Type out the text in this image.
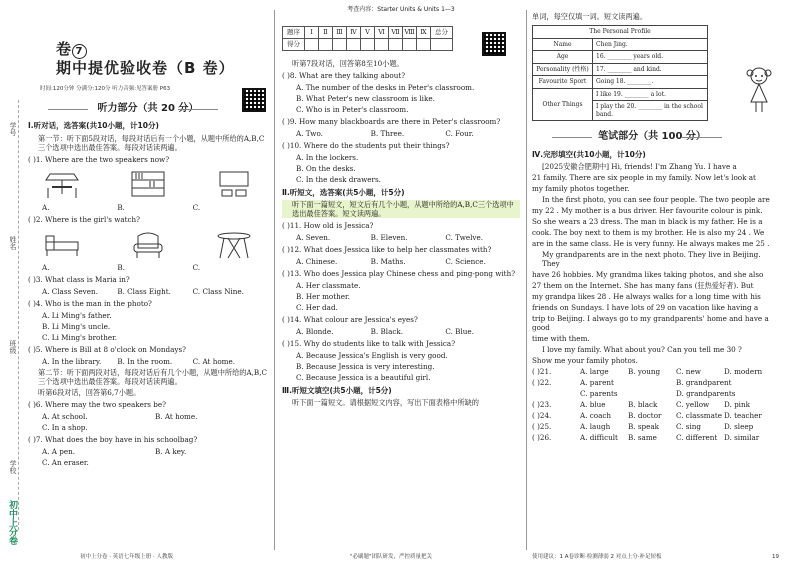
学号
姓名
班级
学校
初中上分卷
卷 7 期中提优验收卷（B 卷）
时间:120分钟 分满分:120分 听力音频:见答案册 P63
听力部分（共 20 分）
Ⅰ.听对话，选答案(共10小题，计10分)
第一节：听下面5段对话，每段对话后有一个小题，从题中所给的A,B,C三个选项中选出最佳答案。每段对话读两遍。
( )1. Where are the two speakers now?
A.	B.	C.
( )2. Where is the girl's watch?
A.	B.	C.
( )3. What class is Maria in?
A. Class Seven.	B. Class Eight.	C. Class Nine.
( )4. Who is the man in the photo?
A. Li Ming's father.
B. Li Ming's uncle.
C. Li Ming's brother.
( )5. Where is Bill at 8 o'clock on Mondays?
A. In the library.	B. In the room.	C. At home.
第二节：听下面两段对话，每段对话后有几个小题，从题中所给的A,B,C三个选项中选出最佳答案。每段对话读两遍。
听第6段对话，回答第6,7小题。
( )6. Where may the two speakers be?
A. At school.	B. At home.
C. In a shop.
( )7. What does the boy have in his schoolbag?
A. A pen.	B. A key.
C. An eraser.
初中上分卷 · 英语七年级上册 · 人教版
考查内容：Starter Units & Units 1—3
题序	Ⅰ	Ⅱ	Ⅲ	Ⅳ	Ⅴ	Ⅵ	Ⅶ	Ⅷ	Ⅸ	总分
得分										
听第7段对话，回答第8至10小题。
( )8. What are they talking about?
A. The number of the desks in Peter's classroom.
B. What Peter's new classroom is like.
C. Who is in Peter's classroom.
( )9. How many blackboards are there in Peter's classroom?
A. Two.	B. Three.	C. Four.
( )10. Where do the students put their things?
A. In the lockers.
B. On the desks.
C. In the desk drawers.
Ⅱ.听短文，选答案(共5小题，计5分)
听下面一篇短文，短文后有几个小题，从题中所给的A,B,C三个选项中选出最佳答案。短文读两遍。
( )11. How old is Jessica?
A. Seven.	B. Eleven.	C. Twelve.
( )12. What does Jessica like to help her classmates with?
A. Chinese.	B. Maths.	C. Science.
( )13. Who does Jessica play Chinese chess and ping-pong with?
A. Her classmate.
B. Her mother.
C. Her dad.
( )14. What colour are Jessica's eyes?
A. Blonde.	B. Black.	C. Blue.
( )15. Why do students like to talk with Jessica?
A. Because Jessica's English is very good.
B. Because Jessica is very interesting.
C. Because Jessica is a beautiful girl.
Ⅲ.听短文填空(共5小题，计5分)
听下面一篇短文。请根据短文内容，写出下面表格中所缺的
"必刷题"团队研发，严控质量把关
单词，每空仅填一词。短文读两遍。
The Personal Profile	
Name	Chen Jing.
Age	16. ________ years old.
Personality (性格)	17. ________ and kind.
Favourite Sport	Going 18. ________.
Other Things	I like 19. ________ a lot.
	I play the 20. ________ in the school band.
笔试部分（共 100 分）
Ⅳ.完形填空(共10小题，计10分)
[2025安徽合肥期中] Hi, friends! I'm Zhang Yu. I have a
21 family. There are six people in my family. Now let's look at
my family photos together.
In the first photo, you can see four people. The two people are
my 22 . My mother is a bus driver. Her favourite colour is pink.
So she wears a 23 dress. The man in black is my father. He is a
cook. The boy next to them is my brother. He is also my 24 . We
are in the same class. He is very funny. He always makes me 25 .
My grandparents are in the next photo. They live in Beijing. They
have 26 hobbies. My grandma likes taking photos, and she also
27 them on the Internet. She has many fans (狂热爱好者). But
my grandpa likes 28 . He always walks for a long time with his
friends on Sundays. I have lots of 29 on vacation like having a
trip to Beijing. I always go to my grandparents' home and have a good
time with them.
I love my family. What about you? Can you tell me 30 ?
Show me your family photos.
( )21.	A. large	B. young	C. new	D. modern
( )22.	A. parent	B. grandparent
C. parents	D. grandparents
( )23.	A. blue	B. black	C. yellow	D. pink
( )24.	A. coach	B. doctor	C. classmate D. teacher
( )25.	A. laugh	B. speak	C. sing	D. sleep
( )26.	A. difficult	B. same	C. different D. similar
使用建议：1 A卷诊断·检测薄弱 2 对点上分·补足短板	19
